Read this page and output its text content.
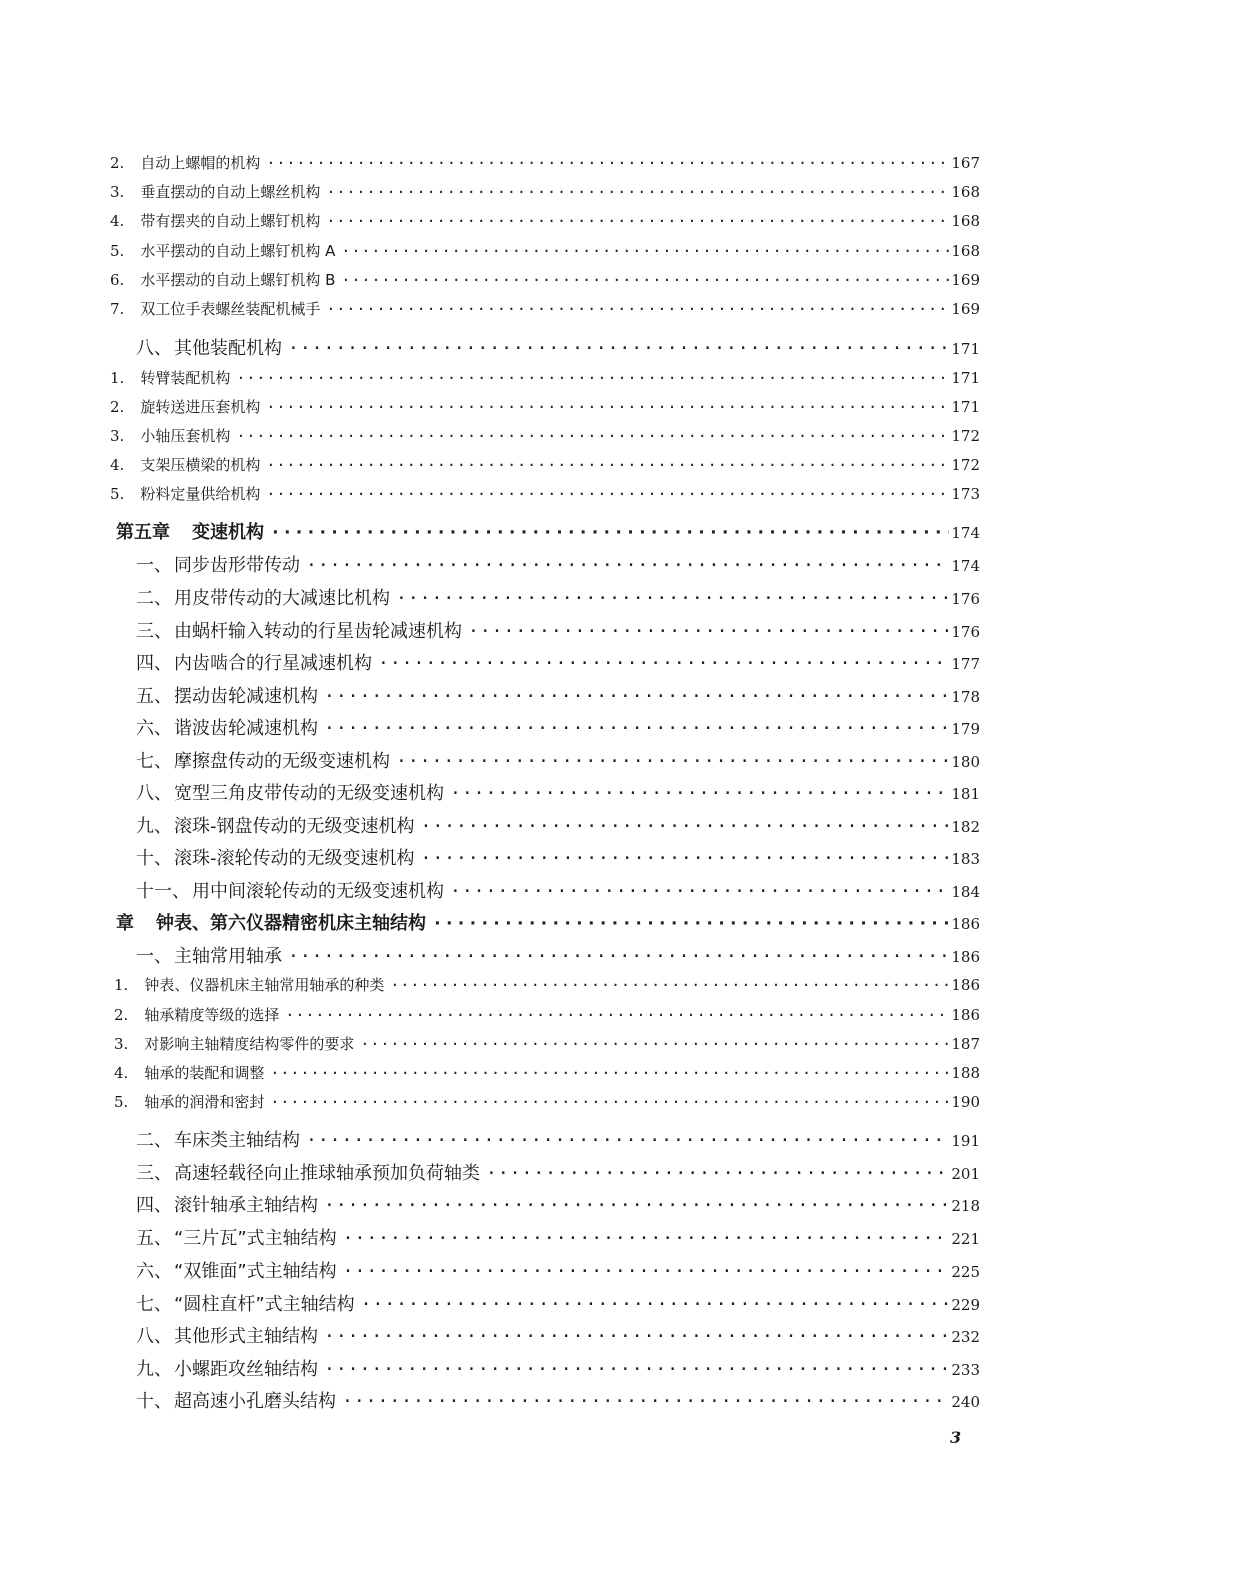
2. 自动上螺帽的机构 ·····	167
3. 垂直摆动的自动上螺丝机构 ·····	168
4. 带有摆夹的自动上螺钉机构 ·····	168
5. 水平摆动的自动上螺钉机构 A ·····	168
6. 水平摆动的自动上螺钉机构 B ·····	169
7. 双工位手表螺丝装配机械手 ·····	169
八、 其他装配机构 ·····	171
1. 转臂装配机构 ·····	171
2. 旋转送进压套机构 ·····	171
3. 小轴压套机构 ·····	172
4. 支架压横梁的机构 ·····	172
5. 粉料定量供给机构 ·····	173
第五章 变速机构 ·····	174
一、 同步齿形带传动 ·····	174
二、 用皮带传动的大减速比机构 ·····	176
三、 由蜗杆输入转动的行星齿轮减速机构 ·····	176
四、 内齿啮合的行星减速机构 ·····	177
五、 摆动齿轮减速机构 ·····	178
六、 谐波齿轮减速机构 ·····	179
七、 摩擦盘传动的无级变速机构 ·····	180
八、 宽型三角皮带传动的无级变速机构 ·····	181
九、 滚珠-钢盘传动的无级变速机构 ·····	182
十、 滚珠-滚轮传动的无级变速机构 ·····	183
十一、 用中间滚轮传动的无级变速机构 ·····	184
章 钟表、第六仪器精密机床主轴结构 ·····	186
一、 主轴常用轴承 ·····	186
1. 钟表、仪器机床主轴常用轴承的种类 ·····	186
2. 轴承精度等级的选择 ·····	186
3. 对影响主轴精度结构零件的要求 ·····	187
4. 轴承的装配和调整 ·····	188
5. 轴承的润滑和密封 ·····	190
二、 车床类主轴结构 ·····	191
三、 高速轻载径向止推球轴承预加负荷轴类 ·····	201
四、 滚针轴承主轴结构 ·····	218
五、 “三片瓦”式主轴结构 ·····	221
六、 “双锥面”式主轴结构 ·····	225
七、 “圆柱直杆”式主轴结构 ·····	229
八、 其他形式主轴结构 ·····	232
九、 小螺距攻丝轴结构 ·····	233
十、 超高速小孔磨头结构 ·····	240
3
